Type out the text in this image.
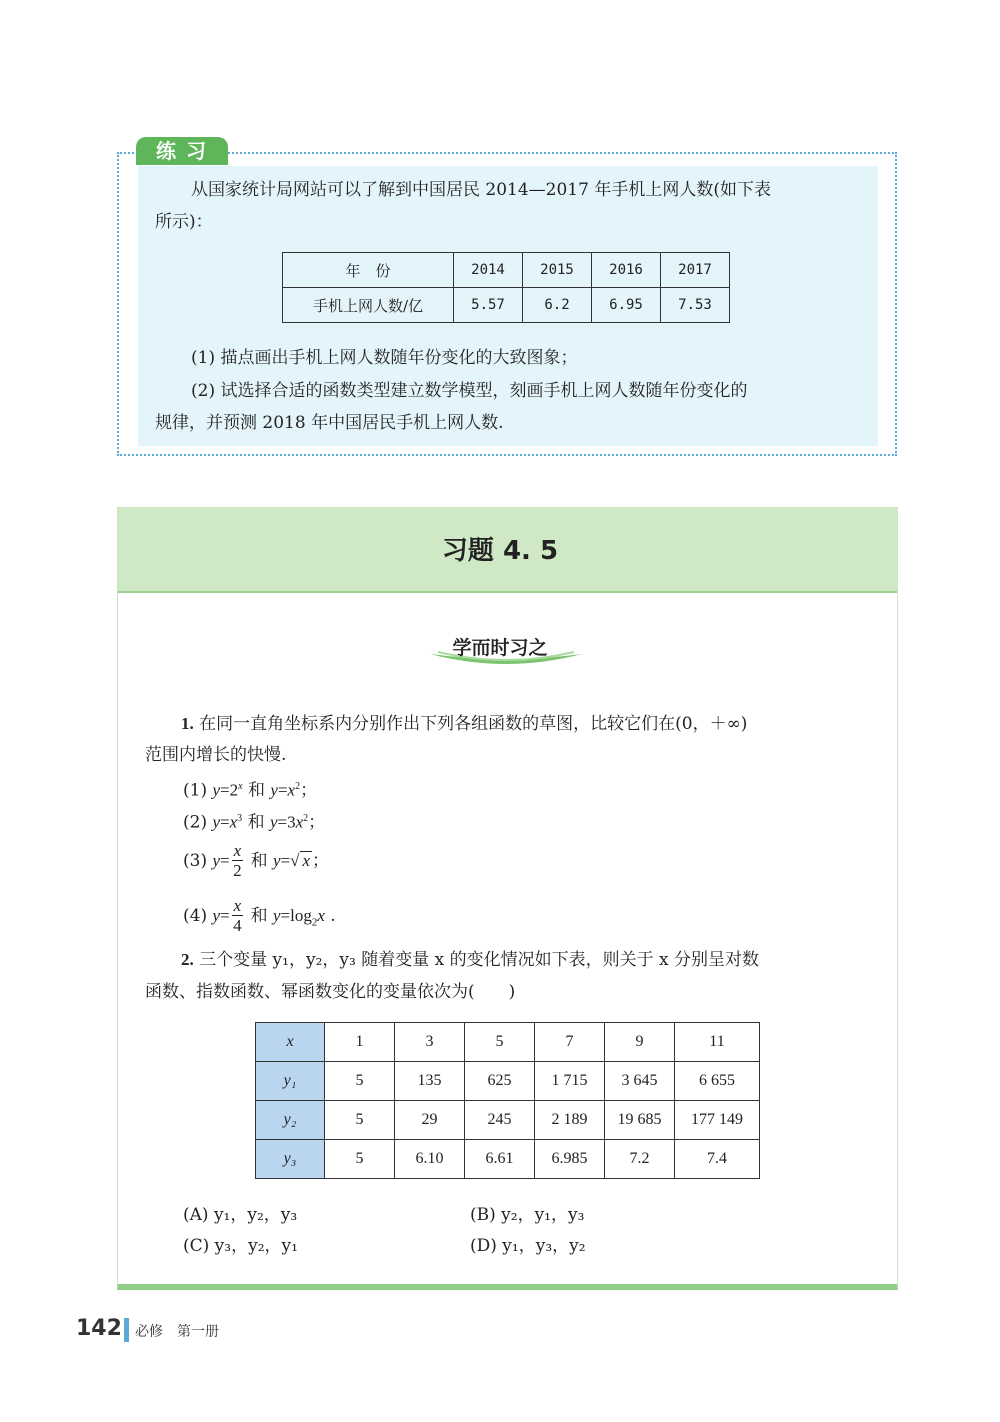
练习
从国家统计局网站可以了解到中国居民 2014—2017 年手机上网人数(如下表
所示)：
年　份	2014	2015	2016	2017
手机上网人数/亿	5.57	6.2	6.95	7.53
(1) 描点画出手机上网人数随年份变化的大致图象；
(2) 试选择合适的函数类型建立数学模型，刻画手机上网人数随年份变化的
规律，并预测 2018 年中国居民手机上网人数.
习题 4. 5
学而时习之
1. 在同一直角坐标系内分别作出下列各组函数的草图，比较它们在(0，＋∞)
范围内增长的快慢.
(1) $y=2^x$ 和 $y=x^2$；
(2) $y=x^3$ 和 $y=3x^2$；
(3) $y= \frac{x}{2}$ 和 y=√ x ；
(4) $y= \frac{x}{4}$ 和 $y=\log_2x$ .
2. 三个变量 y₁，y₂，y₃ 随着变量 x 的变化情况如下表，则关于 x 分别呈对数
函数、指数函数、幂函数变化的变量依次为(　　)
x	1	3	5	7	9	11
y₁	5	135	625	1 715	3 645	6 655
y₂	5	29	245	2 189	19 685	177 149
y₃	5	6.10	6.61	6.985	7.2	7.4
(A) y₁，y₂，y₃	(B) y₂，y₁，y₃
(C) y₃，y₂，y₁	(D) y₁，y₃，y₂
142 必修　第一册
